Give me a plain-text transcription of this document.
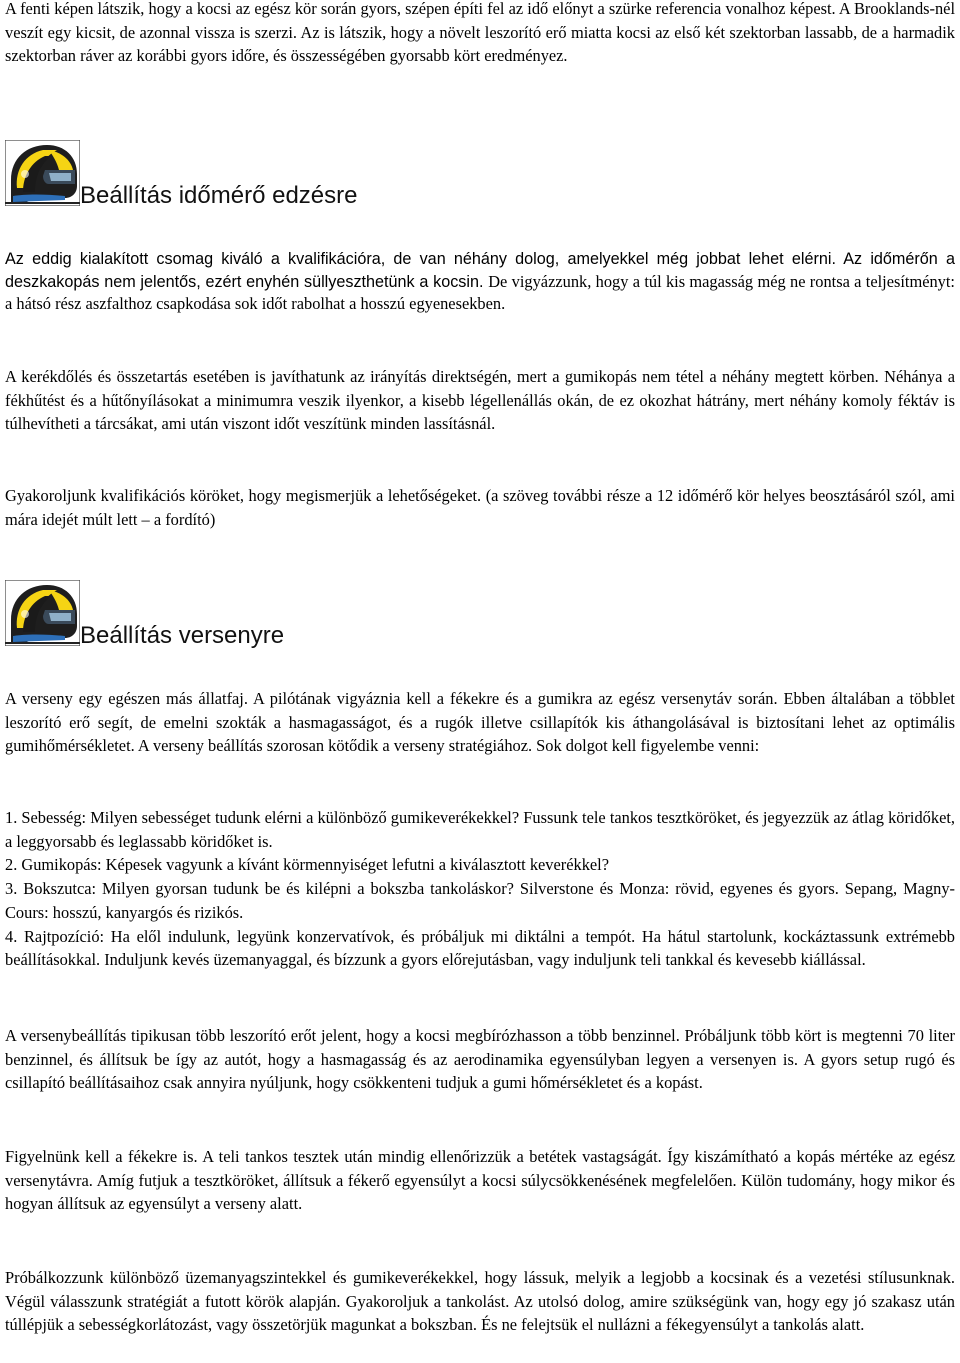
A fenti képen látszik, hogy a kocsi az egész kör során gyors, szépen építi fel az idő előnyt a szürke referencia vonalhoz képest. A Brooklands-nél veszít egy kicsit, de azonnal vissza is szerzi. Az is látszik, hogy a növelt leszorító erő miatta kocsi az első két szektorban lassabb, de a harmadik szektorban ráver az korábbi gyors időre, és összességében gyorsabb kört eredményez.

Beállítás időmérő edzésre

Az eddig kialakított csomag kiváló a kvalifikációra, de van néhány dolog, amelyekkel még jobbat lehet elérni. Az időmérőn a deszkakopás nem jelentős, ezért enyhén süllyeszthetünk a kocsin. De vigyázzunk, hogy a túl kis magasság még ne rontsa a teljesítményt: a hátsó rész aszfalthoz csapkodása sok időt rabolhat a hosszú egyenesekben.

A kerékdőlés és összetartás esetében is javíthatunk az irányítás direktségén, mert a gumikopás nem tétel a néhány megtett körben. Néhánya a fékhűtést és a hűtőnyílásokat a minimumra veszik ilyenkor, a kisebb légellenállás okán, de ez okozhat hátrány, mert néhány komoly féktáv is túlhevítheti a tárcsákat, ami után viszont időt veszítünk minden lassításnál.

Gyakoroljunk kvalifikációs köröket, hogy megismerjük a lehetőségeket. (a szöveg további része a 12 időmérő kör helyes beosztásáról szól, ami mára idejét múlt lett – a fordító)

Beállítás versenyre

A verseny egy egészen más állatfaj. A pilótának vigyáznia kell a fékekre és a gumikra az egész versenytáv során. Ebben általában a többlet leszorító erő segít, de emelni szokták a hasmagasságot, és a rugók illetve csillapítók kis áthangolásával is biztosítani lehet az optimális gumihőmérsékletet. A verseny beállítás szorosan kötődik a verseny stratégiához. Sok dolgot kell figyelembe venni:

1. Sebesség: Milyen sebességet tudunk elérni a különböző gumikeverékekkel? Fussunk tele tankos tesztköröket, és jegyezzük az átlag köridőket, a leggyorsabb és leglassabb köridőket is.

2. Gumikopás: Képesek vagyunk a kívánt körmennyiséget lefutni a kiválasztott keverékkel?

3. Bokszutca: Milyen gyorsan tudunk be és kilépni a bokszba tankoláskor? Silverstone és Monza: rövid, egyenes és gyors. Sepang, Magny-Cours: hosszú, kanyargós és rizikós.

4. Rajtpozíció: Ha elől indulunk, legyünk konzervatívok, és próbáljuk mi diktálni a tempót. Ha hátul startolunk, kockáztassunk extrémebb beállításokkal. Induljunk kevés üzemanyaggal, és bízzunk a gyors előrejutásban, vagy induljunk teli tankkal és kevesebb kiállással.

A versenybeállítás tipikusan több leszorító erőt jelent, hogy a kocsi megbírózhasson a több benzinnel. Próbáljunk több kört is megtenni 70 liter benzinnel, és állítsuk be így az autót, hogy a hasmagasság és az aerodinamika egyensúlyban legyen a versenyen is. A gyors setup rugó és csillapító beállításaihoz csak annyira nyúljunk, hogy csökkenteni tudjuk a gumi hőmérsékletet és a kopást.

Figyelnünk kell a fékekre is. A teli tankos tesztek után mindig ellenőrizzük a betétek vastagságát. Így kiszámítható a kopás mértéke az egész versenytávra. Amíg futjuk a tesztköröket, állítsuk a fékerő egyensúlyt a kocsi súlycsökkenésének megfelelően. Külön tudomány, hogy mikor és hogyan állítsuk az egyensúlyt a verseny alatt.

Próbálkozzunk különböző üzemanyagszintekkel és gumikeverékekkel, hogy lássuk, melyik a legjobb a kocsinak és a vezetési stílusunknak. Végül válasszunk stratégiát a futott körök alapján. Gyakoroljuk a tankolást. Az utolsó dolog, amire szükségünk van, hogy egy jó szakasz után túllépjük a sebességkorlátozást, vagy összetörjük magunkat a bokszban. És ne felejtsük el nullázni a fékegyensúlyt a tankolás alatt.
